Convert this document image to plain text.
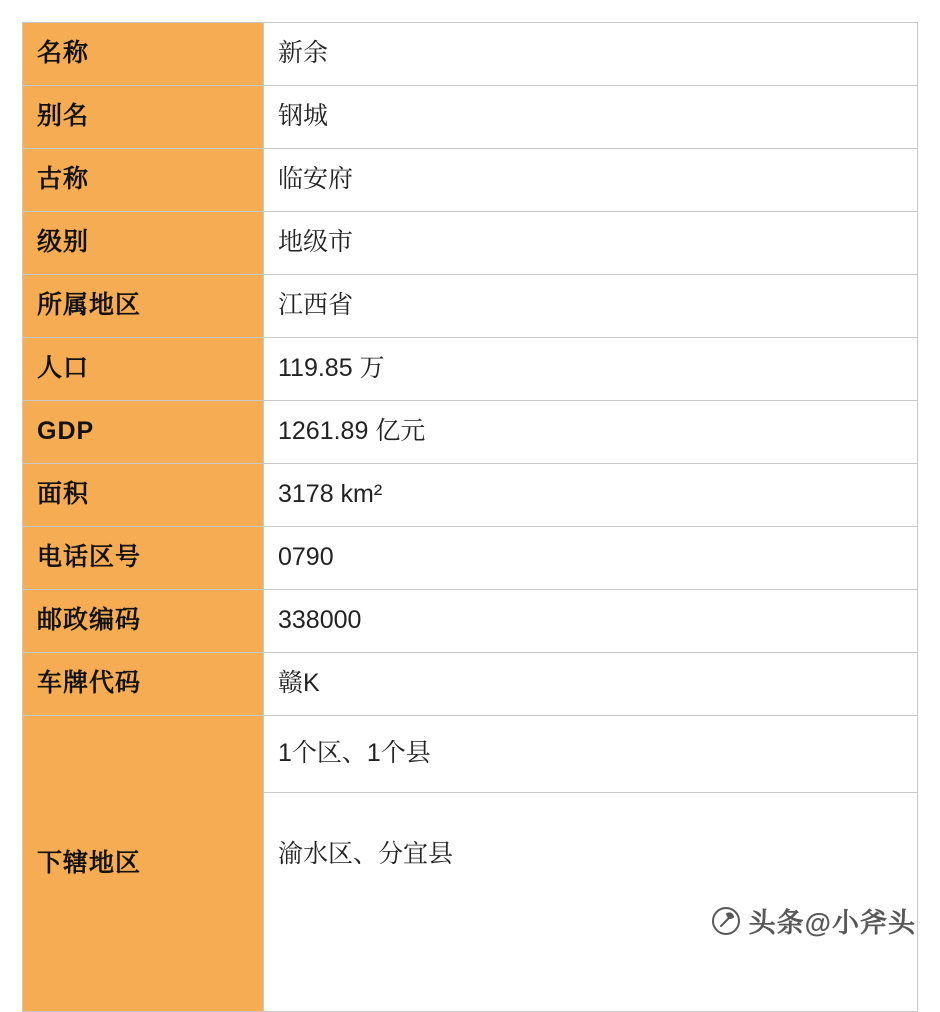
名称	新余
别名	钢城
古称	临安府
级别	地级市
所属地区	江西省
人口	119.85 万
GDP	1261.89 亿元
面积	3178 km²
电话区号	0790
邮政编码	338000
车牌代码	赣K
下辖地区	1个区、1个县
	渝水区、分宜县
头条@小斧头
